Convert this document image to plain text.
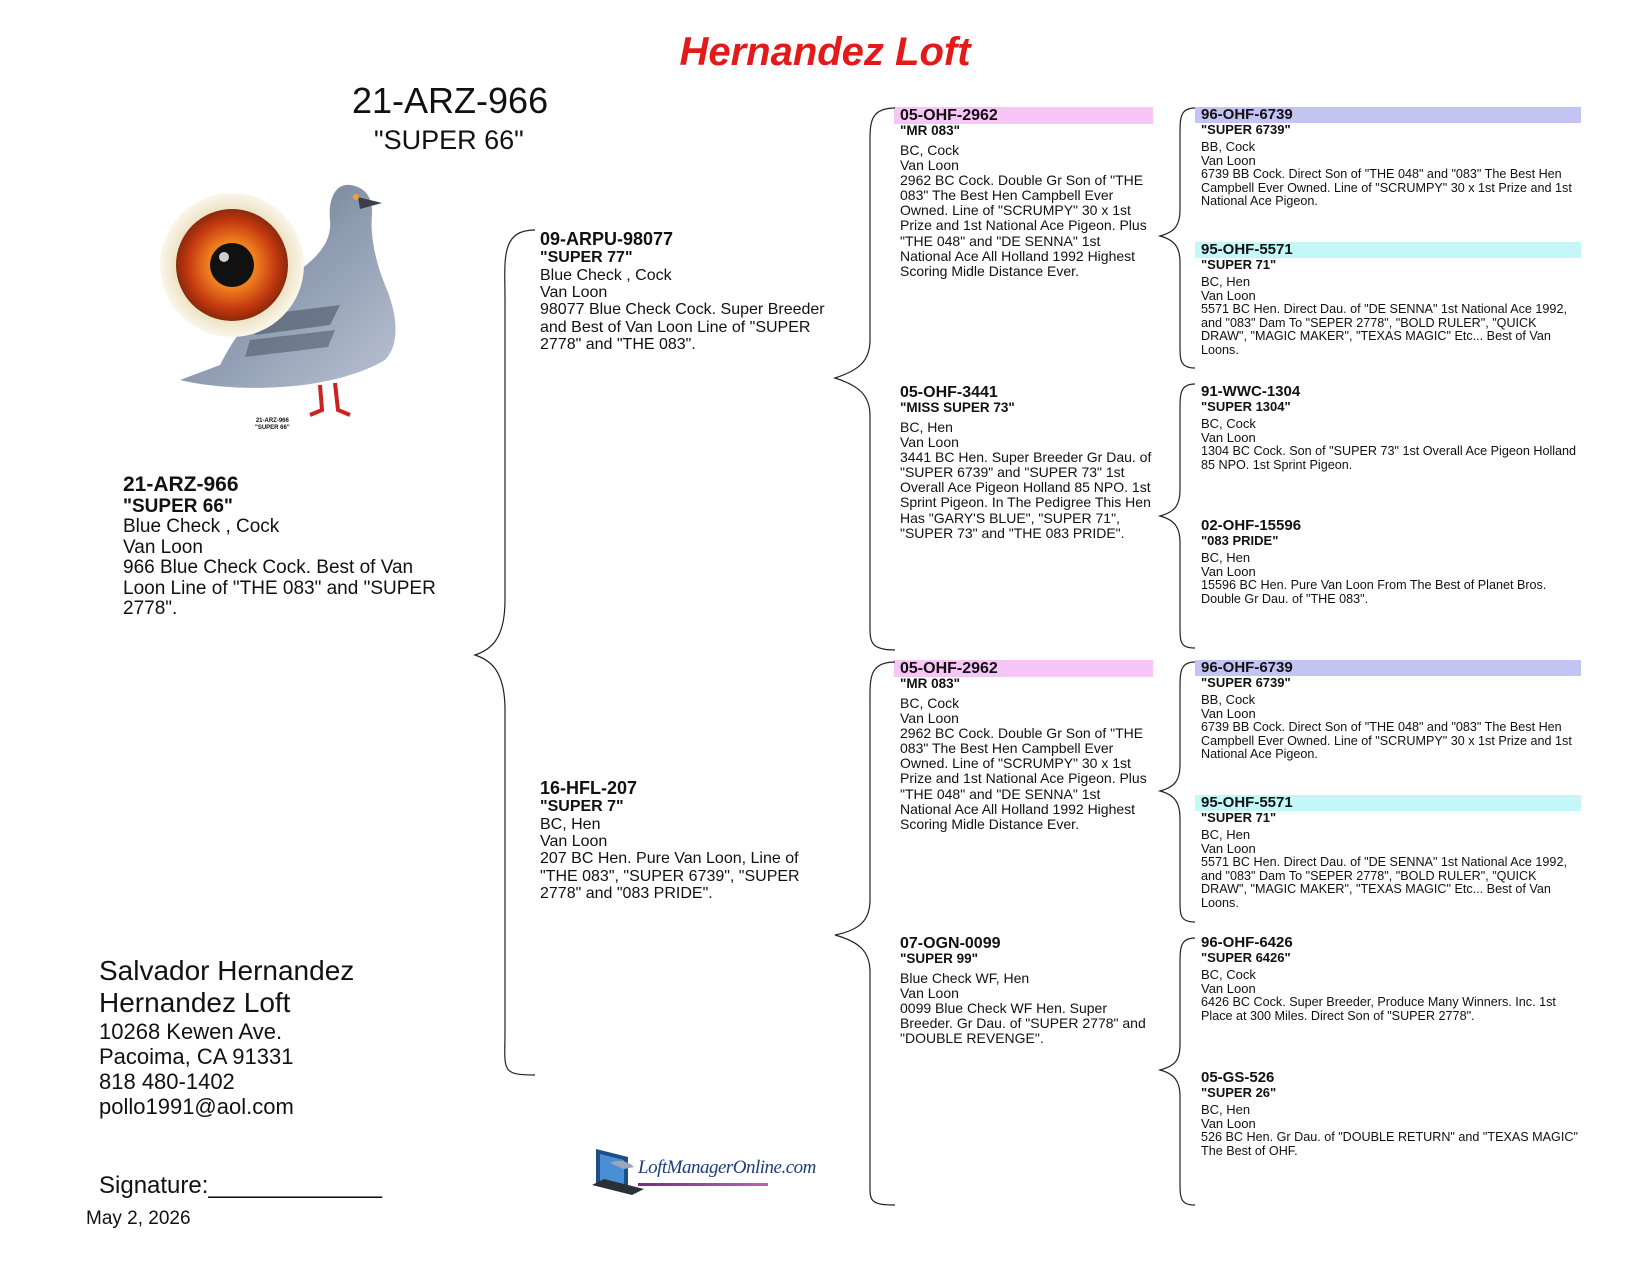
Hernandez Loft
21-ARZ-966
"SUPER 66"
21-ARZ-966
"SUPER 66"
21-ARZ-966
"SUPER 66"
Blue Check , Cock
Van Loon
966 Blue Check Cock. Best of Van Loon Line of "THE 083" and "SUPER 2778".
09-ARPU-98077
"SUPER 77"
Blue Check , Cock
Van Loon
98077 Blue Check Cock. Super Breeder and Best of Van Loon Line of "SUPER 2778" and "THE 083".
16-HFL-207
"SUPER 7"
BC, Hen
Van Loon
207 BC Hen. Pure Van Loon, Line of "THE 083", "SUPER 6739", "SUPER 2778" and "083 PRIDE".
05-OHF-2962
"MR 083"
BC, Cock
Van Loon
2962 BC Cock. Double Gr Son of "THE 083" The Best Hen Campbell Ever Owned. Line of "SCRUMPY" 30 x 1st Prize and 1st National Ace Pigeon. Plus "THE 048" and "DE SENNA" 1st National Ace All Holland 1992 Highest Scoring Midle Distance Ever.
05-OHF-3441
"MISS SUPER 73"
BC, Hen
Van Loon
3441 BC Hen. Super Breeder Gr Dau. of "SUPER 6739" and "SUPER 73" 1st Overall Ace Pigeon Holland 85 NPO. 1st Sprint Pigeon. In The Pedigree This Hen Has "GARY'S BLUE", "SUPER 71", "SUPER 73" and "THE 083 PRIDE".
05-OHF-2962
"MR 083"
BC, Cock
Van Loon
2962 BC Cock. Double Gr Son of "THE 083" The Best Hen Campbell Ever Owned. Line of "SCRUMPY" 30 x 1st Prize and 1st National Ace Pigeon. Plus "THE 048" and "DE SENNA" 1st National Ace All Holland 1992 Highest Scoring Midle Distance Ever.
07-OGN-0099
"SUPER 99"
Blue Check WF, Hen
Van Loon
0099 Blue Check WF Hen. Super Breeder. Gr Dau. of "SUPER 2778" and "DOUBLE REVENGE".
96-OHF-6739
"SUPER 6739"
BB, Cock
Van Loon
6739 BB Cock. Direct Son of "THE 048" and "083" The Best Hen Campbell Ever Owned. Line of "SCRUMPY" 30 x 1st Prize and 1st National Ace Pigeon.
95-OHF-5571
"SUPER 71"
BC, Hen
Van Loon
5571 BC Hen. Direct Dau. of "DE SENNA" 1st National Ace 1992, and "083" Dam To "SEPER 2778", "BOLD RULER", "QUICK DRAW", "MAGIC MAKER", "TEXAS MAGIC" Etc... Best of Van Loons.
91-WWC-1304
"SUPER 1304"
BC, Cock
Van Loon
1304 BC Cock. Son of "SUPER 73" 1st Overall Ace Pigeon Holland 85 NPO. 1st Sprint Pigeon.
02-OHF-15596
"083 PRIDE"
BC, Hen
Van Loon
15596 BC Hen. Pure Van Loon From The Best of Planet Bros. Double Gr Dau. of "THE 083".
96-OHF-6739
"SUPER 6739"
BB, Cock
Van Loon
6739 BB Cock. Direct Son of "THE 048" and "083" The Best Hen Campbell Ever Owned. Line of "SCRUMPY" 30 x 1st Prize and 1st National Ace Pigeon.
95-OHF-5571
"SUPER 71"
BC, Hen
Van Loon
5571 BC Hen. Direct Dau. of "DE SENNA" 1st National Ace 1992, and "083" Dam To "SEPER 2778", "BOLD RULER", "QUICK DRAW", "MAGIC MAKER", "TEXAS MAGIC" Etc... Best of Van Loons.
96-OHF-6426
"SUPER 6426"
BC, Cock
Van Loon
6426 BC Cock. Super Breeder, Produce Many Winners. Inc. 1st Place at 300 Miles. Direct Son of "SUPER 2778".
05-GS-526
"SUPER 26"
BC, Hen
Van Loon
526 BC Hen. Gr Dau. of "DOUBLE RETURN" and "TEXAS MAGIC" The Best of OHF.
Salvador Hernandez
Hernandez Loft
10268 Kewen Ave.
Pacoima, CA 91331
818 480-1402
pollo1991@aol.com
Signature:_____________
May 2, 2026
LoftManagerOnline.com
